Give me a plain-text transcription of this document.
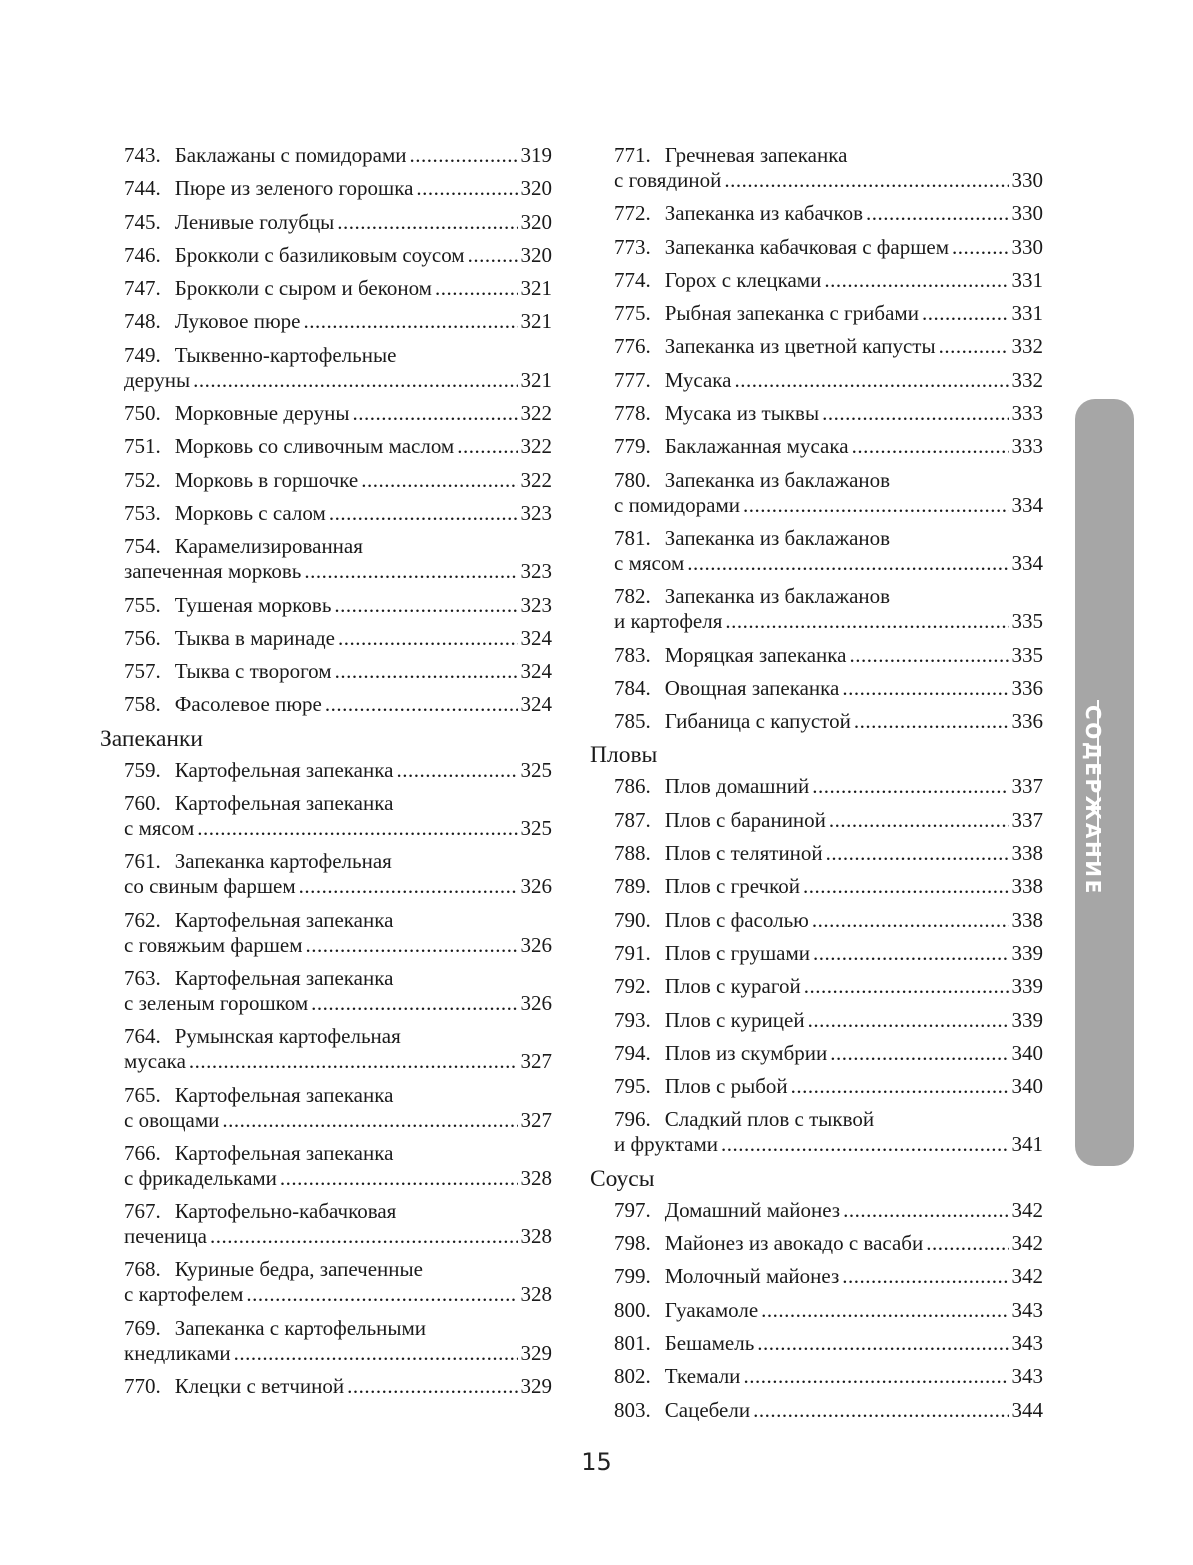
743. Баклажаны с помидорами .....	319
744. Пюре из зеленого горошка .....	320
745. Ленивые голубцы .....	320
746. Брокколи с базиликовым соусом .....	320
747. Брокколи с сыром и беконом .....	321
748. Луковое пюре .....	321
749. Тыквенно-картофельные
деруны .....	321
750. Морковные деруны .....	322
751. Морковь со сливочным маслом .....	322
752. Морковь в горшочке .....	322
753. Морковь с салом .....	323
754. Карамелизированная
запеченная морковь .....	323
755. Тушеная морковь .....	323
756. Тыква в маринаде .....	324
757. Тыква с творогом .....	324
758. Фасолевое пюре .....	324
Запеканки
759. Картофельная запеканка .....	325
760. Картофельная запеканка
с мясом .....	325
761. Запеканка картофельная
со свиным фаршем .....	326
762. Картофельная запеканка
с говяжьим фаршем .....	326
763. Картофельная запеканка
с зеленым горошком .....	326
764. Румынская картофельная
мусака .....	327
765. Картофельная запеканка
с овощами .....	327
766. Картофельная запеканка
с фрикадельками .....	328
767. Картофельно-кабачковая
печеница .....	328
768. Куриные бедра, запеченные
с картофелем .....	328
769. Запеканка с картофельными
кнедликами .....	329
770. Клецки с ветчиной .....	329
771. Гречневая запеканка
с говядиной .....	330
772. Запеканка из кабачков .....	330
773. Запеканка кабачковая с фаршем .....	330
774. Горох с клецками .....	331
775. Рыбная запеканка с грибами .....	331
776. Запеканка из цветной капусты .....	332
777. Мусака .....	332
778. Мусака из тыквы .....	333
779. Баклажанная мусака .....	333
780. Запеканка из баклажанов
с помидорами .....	334
781. Запеканка из баклажанов
с мясом .....	334
782. Запеканка из баклажанов
и картофеля .....	335
783. Моряцкая запеканка .....	335
784. Овощная запеканка .....	336
785. Гибаница с капустой .....	336
Пловы
786. Плов домашний .....	337
787. Плов с бараниной .....	337
788. Плов с телятиной .....	338
789. Плов с гречкой .....	338
790. Плов с фасолью .....	338
791. Плов с грушами .....	339
792. Плов с курагой .....	339
793. Плов с курицей .....	339
794. Плов из скумбрии .....	340
795. Плов с рыбой .....	340
796. Сладкий плов с тыквой
и фруктами .....	341
Соусы
797. Домашний майонез .....	342
798. Майонез из авокадо с васаби .....	342
799. Молочный майонез .....	342
800. Гуакамоле .....	343
801. Бешамель .....	343
802. Ткемали .....	343
803. Сацебели .....	344
СОДЕРЖАНИЕ
15
